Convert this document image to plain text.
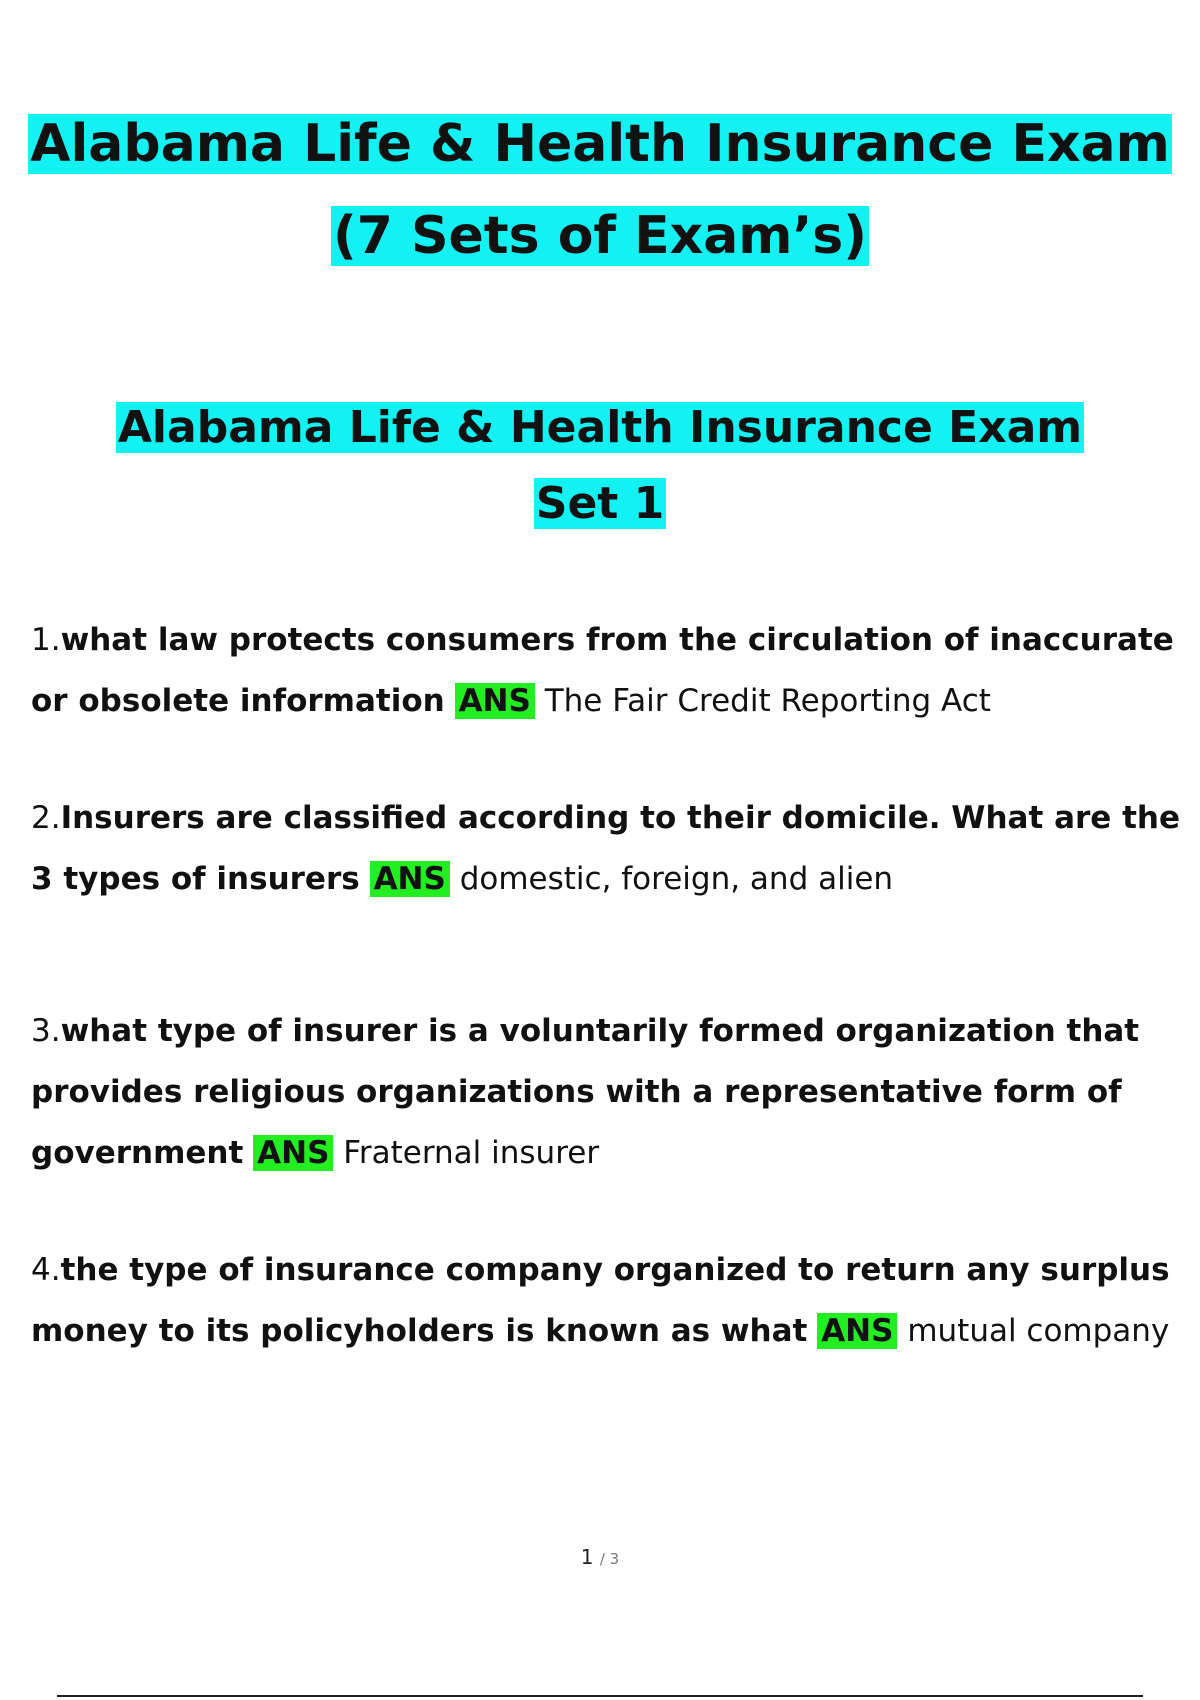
Alabama Life & Health Insurance Exam
(7 Sets of Exam’s)
Alabama Life & Health Insurance Exam
Set 1
1.what law protects consumers from the circulation of inaccurate or obsolete information ANS The Fair Credit Reporting Act
2.Insurers are classified according to their domicile. What are the 3 types of insurers ANS domestic, foreign, and alien
3.what type of insurer is a voluntarily formed organization that provides religious organizations with a representative form of government ANS Fraternal insurer
4.the type of insurance company organized to return any surplus money to its policyholders is known as what ANS mutual company
1 / 3
